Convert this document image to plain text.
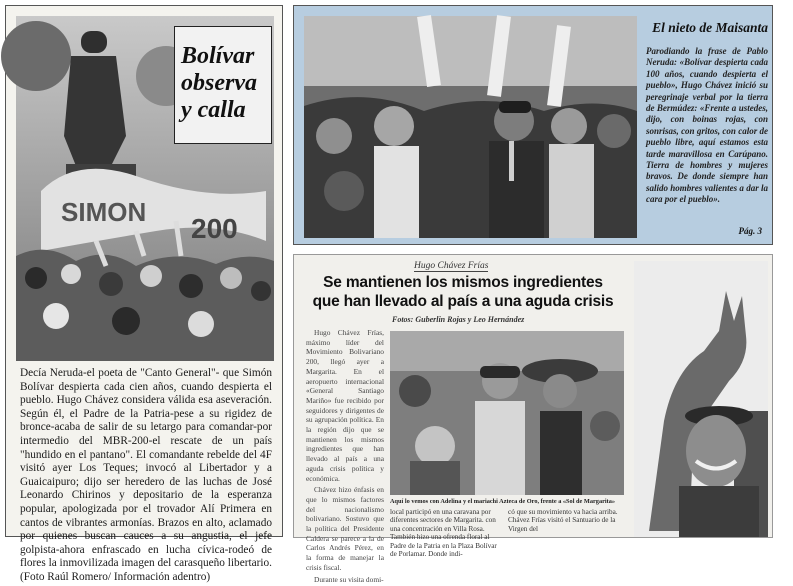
SIMON
200
Bolívar
observa
y calla
Decía Neruda-el poeta de "Canto General"- que Simón Bolívar despierta cada cien años, cuando despierta el pueblo. Hugo Chávez considera válida esa aseveración. Según él, el Padre de la Patria-pese a su rigidez de bronce-acaba de salir de su letargo para comandar-por intermedio del MBR-200-el rescate de un país "hundido en el pantano". El comandante rebelde del 4F visitó ayer Los Teques; invocó al Libertador y a Guaicaipuro; dijo ser heredero de las luchas de José Leonardo Chirinos y depositario de la esperanza popular, apologizada por el trovador Alí Primera en cantos de vibrantes armonías. Brazos en alto, aclamado por quienes buscan cauces a su angustia, el jefe golpista-ahora enfrascado en lucha cívica-rodeó de flores la inmovilizada imagen del carasqueño libertario. (Foto Raúl Romero/ Información adentro)
El nieto de Maisanta
Parodiando la frase de Pablo Neruda: «Bolívar despierta cada 100 años, cuando despierta el pueblo», Hugo Chávez inició su peregrinaje verbal por la tierra de Bermúdez: «Frente a ustedes, dijo, con boinas rojas, con sonrisas, con gritos, con calor de pueblo libre, aquí estamos esta tarde maravillosa en Carúpano. Tierra de hombres y mujeres bravos. De donde siempre han salido hombres valientes a dar la cara por el pueblo».
Pág. 3
Hugo Chávez Frías
Se mantienen los mismos ingredientes
que han llevado al país a una aguda crisis
Fotos: Guberlin Rojas y Leo Hernández

Hugo Chávez Frías, máximo líder del Movimiento Bolivariano 200, llegó ayer a Margarita. En el aeropuerto internacional «General Santiago Mariño» fue recibido por seguidores y dirigentes de su agrupación política. En la región dijo que se mantienen los mismos ingredientes que han llevado al país a una aguda crisis política y económica.

Chávez hizo énfasis en que lo mismos factores del nacionalismo bolivariano. Sostuvo que la política del Presidente Caldera se parece a la de Carlos Andrés Pérez, en la forma de manejar la crisis fiscal.

Durante su visita domi-

Aquí lo vemos con Adelina y el mariachi Azteca de Oro, frente a «Sol de Margarita»
local participó en una caravana por diferentes sectores de Margarita. con una concentración en Villa Rosa. También hizo una ofrenda floral al Padre de la Patria en la Plaza Bolívar de Porlamar. Donde indi-
có que su movimiento va hacia arriba. Chávez Frías visitó el Santuario de la Virgen del
